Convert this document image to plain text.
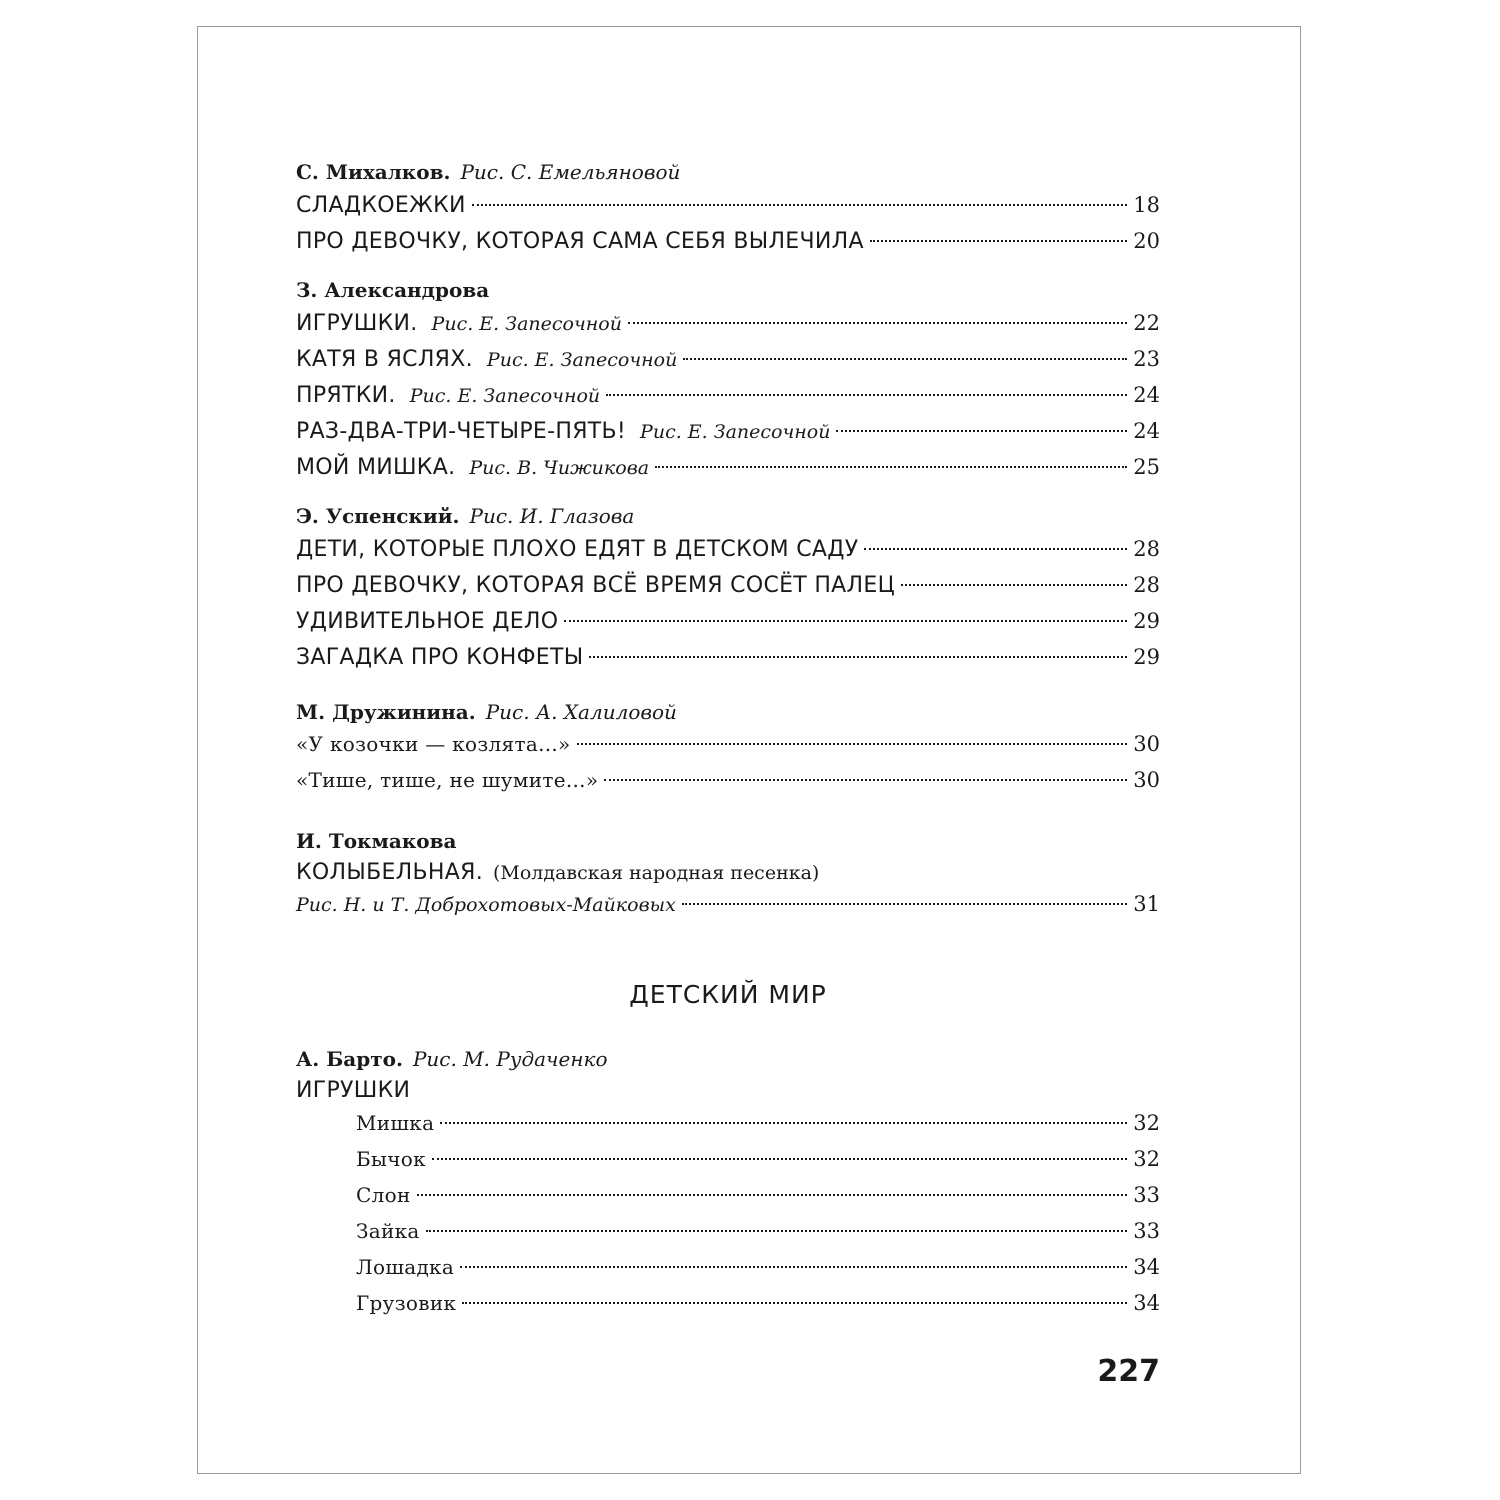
С. Михалков. Рис. С. Емельяновой
СЛАДКОЕЖКИ	18
ПРО ДЕВОЧКУ, КОТОРАЯ САМА СЕБЯ ВЫЛЕЧИЛА	20
З. Александрова
ИГРУШКИ. Рис. Е. Запесочной	22
КАТЯ В ЯСЛЯХ. Рис. Е. Запесочной	23
ПРЯТКИ. Рис. Е. Запесочной	24
РАЗ-ДВА-ТРИ-ЧЕТЫРЕ-ПЯТЬ! Рис. Е. Запесочной	24
МОЙ МИШКА. Рис. В. Чижикова	25
Э. Успенский. Рис. И. Глазова
ДЕТИ, КОТОРЫЕ ПЛОХО ЕДЯТ В ДЕТСКОМ САДУ	28
ПРО ДЕВОЧКУ, КОТОРАЯ ВСЁ ВРЕМЯ СОСЁТ ПАЛЕЦ	28
УДИВИТЕЛЬНОЕ ДЕЛО	29
ЗАГАДКА ПРО КОНФЕТЫ	29
М. Дружинина. Рис. А. Халиловой
«У козочки — козлята...»	30
«Тише, тише, не шумите...»	30
И. Токмакова
КОЛЫБЕЛЬНАЯ. (Молдавская народная песенка)
Рис. Н. и Т. Доброхотовых-Майковых	31
ДЕТСКИЙ МИР
А. Барто. Рис. М. Рудаченко
ИГРУШКИ
Мишка	32
Бычок	32
Слон	33
Зайка	33
Лошадка	34
Грузовик	34
227
